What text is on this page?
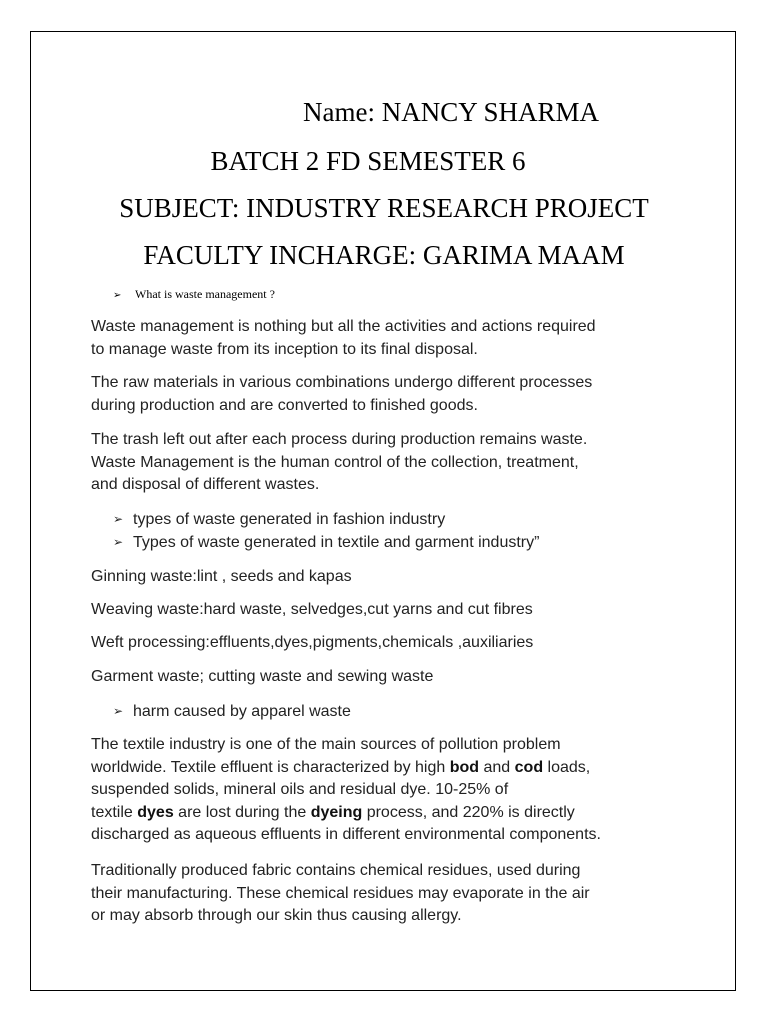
Name: NANCY SHARMA
BATCH 2 FD SEMESTER 6
SUBJECT: INDUSTRY RESEARCH PROJECT
FACULTY INCHARGE: GARIMA MAAM
➢ What is waste management ?
Waste management is nothing but all the activities and actions required
to manage waste from its inception to its final disposal.
The raw materials in various combinations undergo different processes
during production and are converted to finished goods.
The trash left out after each process during production remains waste.
Waste Management is the human control of the collection, treatment,
and disposal of different wastes.
➢ types of waste generated in fashion industry
➢ Types of waste generated in textile and garment industry”
Ginning waste:lint , seeds and kapas
Weaving waste:hard waste, selvedges,cut yarns and cut fibres
Weft processing:effluents,dyes,pigments,chemicals ,auxiliaries
Garment waste; cutting waste and sewing waste
➢ harm caused by apparel waste
The textile industry is one of the main sources of pollution problem
worldwide. Textile effluent is characterized by high bod and cod loads,
suspended solids, mineral oils and residual dye. 10-25% of
textile dyes are lost during the dyeing process, and 220% is directly
discharged as aqueous effluents in different environmental components.
Traditionally produced fabric contains chemical residues, used during
their manufacturing. These chemical residues may evaporate in the air
or may absorb through our skin thus causing allergy.
